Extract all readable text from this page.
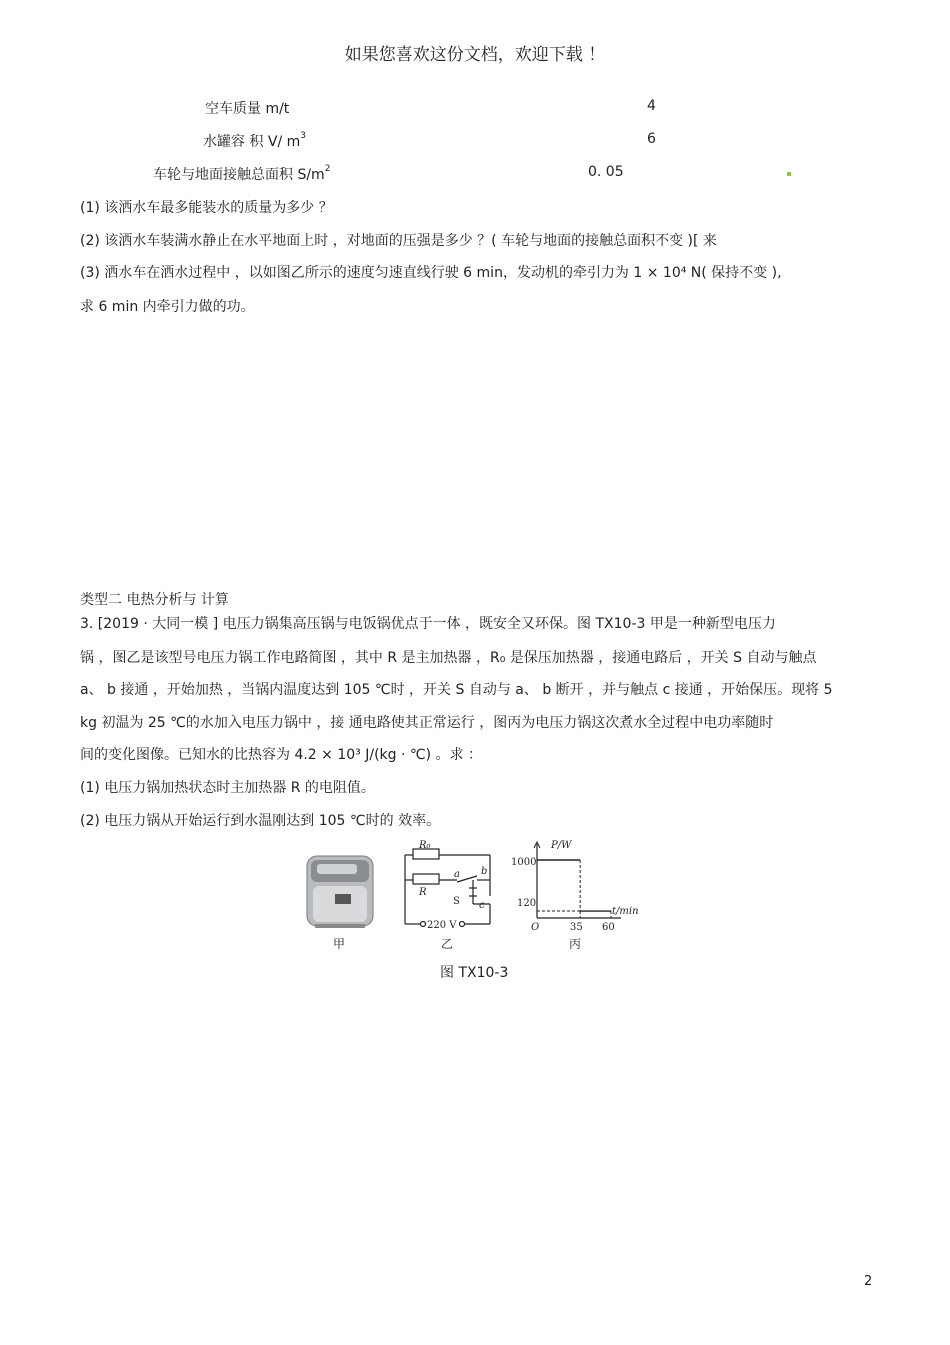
如果您喜欢这份文档，欢迎下载 ！
空车质量 m/t	4
水罐容 积 V/ $m^3$	6
车轮与地面接触总面积 $S/m^2$	0. 05
(1) 该洒水车最多能装水的质量为多少 ？
(2) 该洒水车装满水静止在水平地面上时 ，对地面的压强是多少 ？( 车轮与地面的接触总面积不变 )[ 来
(3) 洒水车在洒水过程中 ，以如图乙所示的速度匀速直线行驶 6 min，发动机的牵引力为 1 × 10⁴ N( 保持不变 ),
求 6 min 内牵引力做的功。
类型二 电热分析与 计算
3. [2019 · 大同一模 ] 电压力锅集高压锅与电饭锅优点于一体 ，既安全又环保。图 TX10-3 甲是一种新型电压力
锅 ，图乙是该型号电压力锅工作电路简图 ，其中 R 是主加热器 ，R₀ 是保压加热器 ，接通电路后 ，开关 S 自动与触点
a、 b 接通 ，开始加热 ，当锅内温度达到 105 ℃时 ，开关 S 自动与 a、 b 断开 ，并与触点 c 接通 ，开始保压。现将 5
kg 初温为 25 ℃的水加入电压力锅中 ，接 通电路使其正常运行 ，图丙为电压力锅这次煮水全过程中电功率随时
间的变化图像。已知水的比热容为 4.2 × 10³ J/(kg · ℃) 。求 ：
(1) 电压力锅加热状态时主加热器 R 的电阻值。
(2) 电压力锅从开始运行到水温刚达到 105 ℃时的 效率。
甲
R₀
R
a b
c
S
220 V
乙
P/W
t/min
O
1000
120
35 60
丙
图 TX10-3
2
